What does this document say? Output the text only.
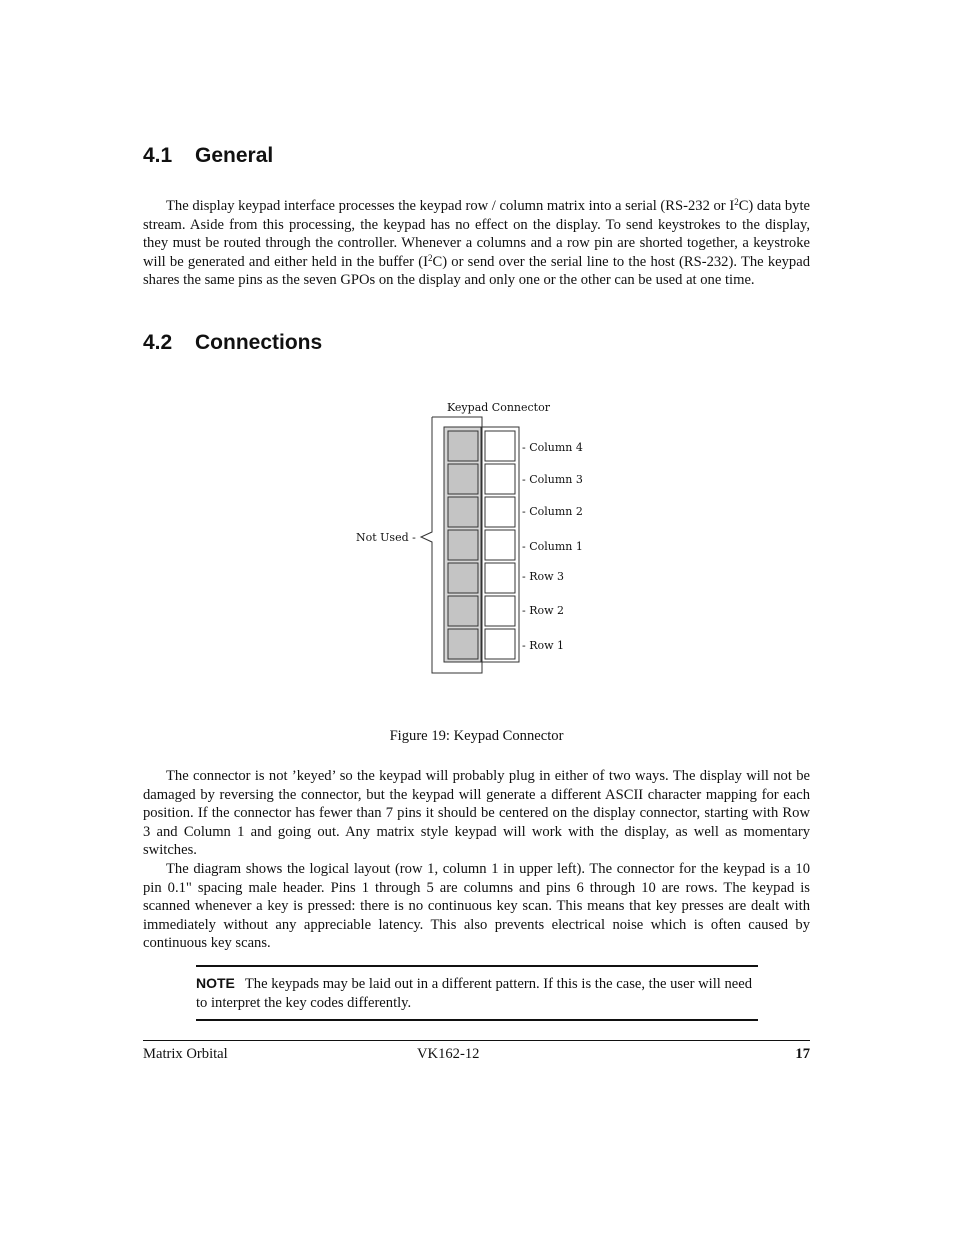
4.1 General

The display keypad interface processes the keypad row / column matrix into a serial (RS-232 or $I^2C$) data byte stream. Aside from this processing, the keypad has no effect on the display. To send keystrokes to the display, they must be routed through the controller. Whenever a columns and a row pin are shorted together, a keystroke will be generated and either held in the buffer $(I^2C)$ or send over the serial line to the host (RS-232). The keypad shares the same pins as the seven GPOs on the display and only one or the other can be used at one time.

4.2 Connections
Keypad Connector
Not Used -
- Column 4
- Column 3
- Column 2
- Column 1
- Row 3
- Row 2
- Row 1
Figure 19: Keypad Connector

The connector is not ’keyed’ so the keypad will probably plug in either of two ways. The display will not be damaged by reversing the connector, but the keypad will generate a different ASCII character mapping for each position. If the connector has fewer than 7 pins it should be centered on the display connector, starting with Row 3 and Column 1 and going out. Any matrix style keypad will work with the display, as well as momentary switches.

The diagram shows the logical layout (row 1, column 1 in upper left). The connector for the keypad is a 10 pin 0.1" spacing male header. Pins 1 through 5 are columns and pins 6 through 10 are rows. The keypad is scanned whenever a key is pressed: there is no continuous key scan. This means that key presses are dealt with immediately without any appreciable latency. This also prevents electrical noise which is often caused by continuous key scans.

NOTE The keypads may be laid out in a different pattern. If this is the case, the user will need to interpret the key codes differently.

Matrix Orbital	VK162-12	17
